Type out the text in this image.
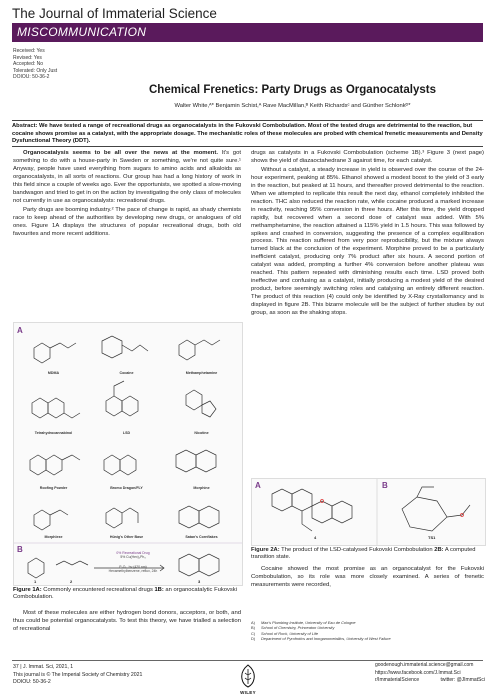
The Journal of Immaterial Science
MISCOMMUNICATION
Received: Yes
Revised: Yes
Accepted: No
Tolerated: Only Just
DOIOU: 50-36-2
Chemical Frenetics: Party Drugs as Organocatalysts
Walter White,ᴬ* Benjamin Schist,ᴬ Rave MacMillan,ᴮ Keith Richardsᶜ and Günther Schlonkᴰ*
Abstract: We have tested a range of recreational drugs as organocatalysts in the Fukovski Combobulation. Most of the tested drugs are detrimental to the reaction, but cocaine shows promise as a catalyst, with the appropriate dosage. The mechanistic roles of these molecules are probed with chemical frenetic measurements and Density Dysfunctional Theory (DDT).

Organocatalysis seems to be all over the news at the moment. It's got something to do with a house-party in Sweden or something, we're not quite sure.¹ Anyway, people have used everything from sugars to amino acids and alkaloids as organocatalysts, in all sorts of reactions. Our group has had a long history of work in this field since a couple of weeks ago. Ever the opportunists, we spotted a slow-moving bandwagon and tried to get in on the action by investigating the only class of molecules not currently in use as organocatalysts: recreational drugs.

Party drugs are booming industry.² The pace of change is rapid, as shady chemists race to keep ahead of the authorities by developing new drugs, or analogues of old ones. Figure 1A displays the structures of popular recreational drugs, both old favourites and more recent additions.

A
B
MDMA	Cocaine	Methamphetamine
Tetrahydrocannabinol	LSD	Nicotine
Roofing Powder	Bromo Dragon/FLY	Morphine
Morphlexe	Hünig's Other Base	Satan's Cornflakes
0% Recreational Drug
5% Cu(Hex)₂Ph₃
P₂O₅, hν (420 nm)
Hexamethylbenzene, reflux, 24h
1	2	3
Figure 1A: Commonly encountered recreational drugs 1B: an organocatalytic Fukovski Combobulation.

Most of these molecules are either hydrogen bond donors, acceptors, or both, and thus could be potential organocatalysts. To test this theory, we have trialled a selection of recreational

drugs as catalysts in a Fukovski Combobulation (scheme 1B).³ Figure 3 (next page) shows the yield of diazaoctahedrane 3 against time, for each catalyst.

Without a catalyst, a steady increase in yield is observed over the course of the 24-hour experiment, peaking at 85%. Ethanol showed a modest boost to the yield of 3 early in the reaction, but peaked at 11 hours, and thereafter proved detrimental to the reaction. When we attempted to replicate this result the next day, ethanol completely inhibited the reaction. THC also reduced the reaction rate, while cocaine produced a marked increase in reactivity, reaching 95% conversion in three hours. After this time, the yield dropped rapidly, but recovered when a second dose of catalyst was added. With 5% methamphetamine, the reaction attained a 115% yield in 1.5 hours. This was followed by spikes and crashed in conversion, suggesting the presence of a complex equilibration process. This reaction suffered from very poor reproducibility, but the mixture always turned black at the conclusion of the experiment. Morphine proved to be a particularly inefficient catalyst, producing only 7% product after six hours. A second portion of catalyst was added, prompting a further 4% conversion before another plateau was reached. This pattern repeated with diminishing results each time. LSD proved both ineffective and confusing as a catalyst, initially producing a modest yield of the desired product, before seemingly switching roles and catalysing an entirely different reaction. The product of this reaction (4) could only be identified by X-Ray crystallomancy and is displayed in figure 2B. This bizarre molecule will be the subject of further studies by out group, as soon as the shaking stops.

A	B
4	TS1
Figure 2A: The product of the LSD-catalysed Fukovski Combobulation 2B: A computed transition state.

Cocaine showed the most promise as an organocatalyst for the Fukovski Combobulation, so its role was more closely examined. A series of frenetic measurements were recorded,

A)	Max's Plumbing Institute, University of Eau de Cologne
B)	School of Chemistry, Princeaton University
C)	School of Rock, University of Life
D)	Department of Pyrofrotics and Inorganometallics, University of West Failure
37 | J. Immat. Sci, 2021, 1
This journal is © The Imperial Society of Chemistry 2021
DOIOU: 50-36-2
WILEY
goodenough.immaterial.science@gmail.com
https://www.facebook.com/J.Immat.Sci
r/ImmaterialScience	twitter: @JImmatSci
